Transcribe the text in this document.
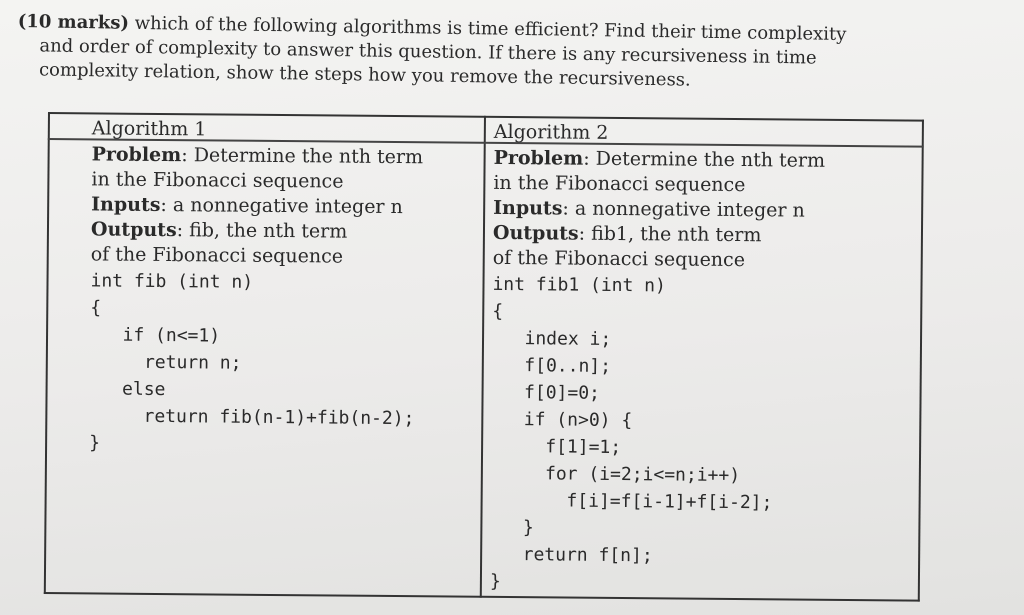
(10 marks) which of the following algorithms is time efficient? Find their time complexity
and order of complexity to answer this question. If there is any recursiveness in time
complexity relation, show the steps how you remove the recursiveness.
Algorithm 1
Problem: Determine the nth term
in the Fibonacci sequence
Inputs: a nonnegative integer n
Outputs: fib, the nth term
of the Fibonacci sequence
int fib (int n)
{
if (n<=1)
return n;
else
return fib(n-1)+fib(n-2);
}
Algorithm 2
Problem: Determine the nth term
in the Fibonacci sequence
Inputs: a nonnegative integer n
Outputs: fib1, the nth term
of the Fibonacci sequence
int fib1 (int n)
{
index i;
f[0..n];
f[0]=0;
if (n>0) {
f[1]=1;
for (i=2;i<=n;i++)
f[i]=f[i-1]+f[i-2];
}
return f[n];
}
